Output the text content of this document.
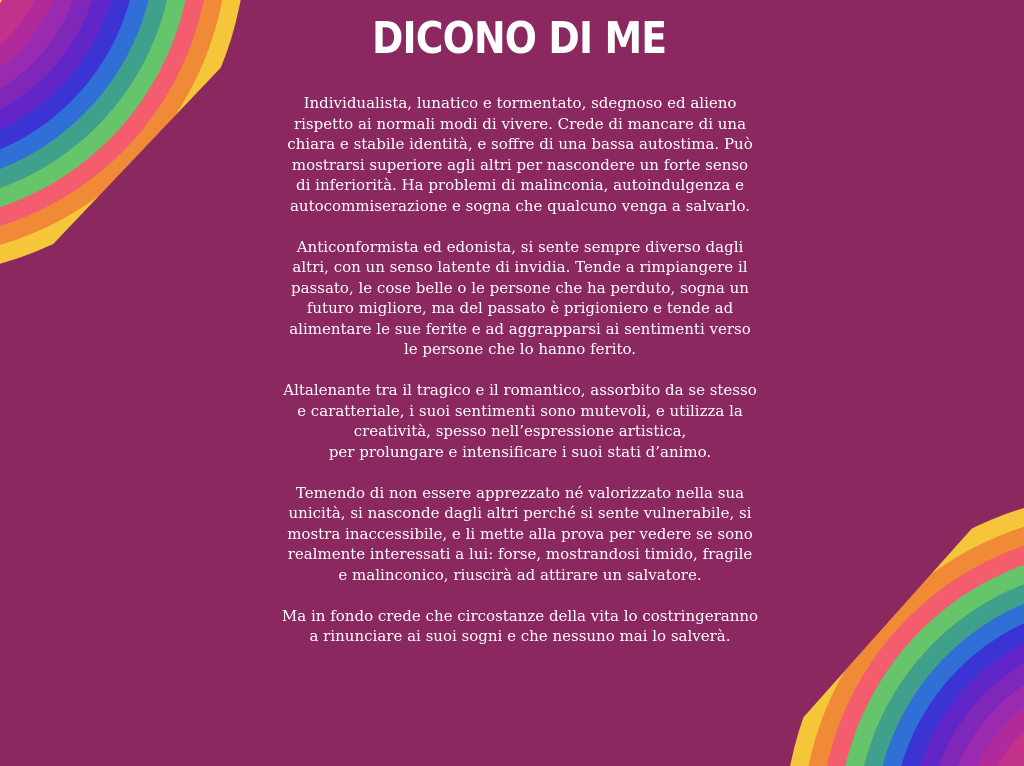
DICONO DI ME

Individualista, lunatico e tormentato, sdegnoso ed alieno
rispetto ai normali modi di vivere. Crede di mancare di una
chiara e stabile identità, e soffre di una bassa autostima. Può
mostrarsi superiore agli altri per nascondere un forte senso
di inferiorità. Ha problemi di malinconia, autoindulgenza e
autocommiserazione e sogna che qualcuno venga a salvarlo.

Anticonformista ed edonista, si sente sempre diverso dagli
altri, con un senso latente di invidia. Tende a rimpiangere il
passato, le cose belle o le persone che ha perduto, sogna un
futuro migliore, ma del passato è prigioniero e tende ad
alimentare le sue ferite e ad aggrapparsi ai sentimenti verso
le persone che lo hanno ferito.

Altalenante tra il tragico e il romantico, assorbito da se stesso
e caratteriale, i suoi sentimenti sono mutevoli, e utilizza la
creatività, spesso nell’espressione artistica,
per prolungare e intensificare i suoi stati d’animo.

Temendo di non essere apprezzato né valorizzato nella sua
unicità, si nasconde dagli altri perché si sente vulnerabile, si
mostra inaccessibile, e li mette alla prova per vedere se sono
realmente interessati a lui: forse, mostrandosi timido, fragile
e malinconico, riuscirà ad attirare un salvatore.

Ma in fondo crede che circostanze della vita lo costringeranno
a rinunciare ai suoi sogni e che nessuno mai lo salverà.
